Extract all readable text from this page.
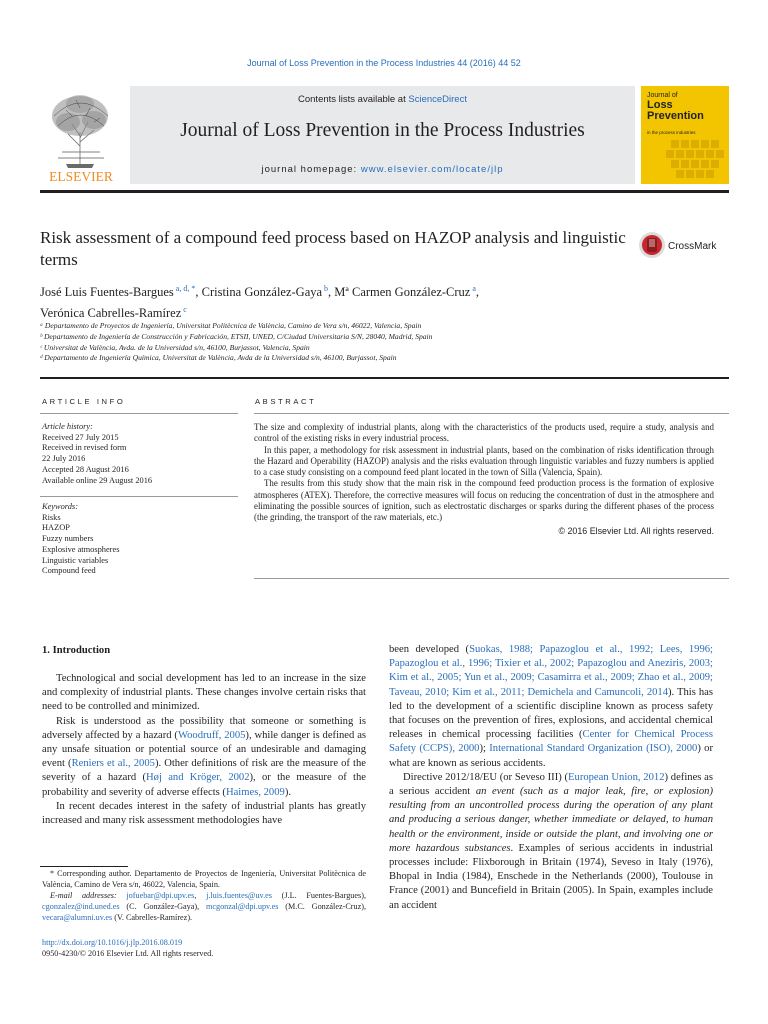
Journal of Loss Prevention in the Process Industries 44 (2016) 44 52
ELSEVIER
Contents lists available at ScienceDirect
Journal of Loss Prevention in the Process Industries
journal homepage: www.elsevier.com/locate/jlp
Journal of
Loss
Prevention
in the process industries
Risk assessment of a compound feed process based on HAZOP analysis and linguistic terms
CrossMark
José Luis Fuentes-Bargues $^{a, d, *}$, Cristina González-Gaya $^b$, Mª Carmen González-Cruz $^a$,
Verónica Cabrelles-Ramírez $^c$
ᵃ Departamento de Proyectos de Ingeniería, Universitat Politècnica de València, Camino de Vera s/n, 46022, Valencia, Spain
ᵇ Departamento de Ingeniería de Construcción y Fabricación, ETSII, UNED, C/Ciudad Universitaria S/N, 28040, Madrid, Spain
ᶜ Universitat de València, Avda. de la Universidad s/n, 46100, Burjassot, Valencia, Spain
ᵈ Departamento de Ingeniería Química, Universitat de València, Avda de la Universidad s/n, 46100, Burjassot, Spain
ARTICLE INFO
Article history:
Received 27 July 2015
Received in revised form
22 July 2016
Accepted 28 August 2016
Available online 29 August 2016
Keywords:
Risks
HAZOP
Fuzzy numbers
Explosive atmospheres
Linguistic variables
Compound feed
ABSTRACT

The size and complexity of industrial plants, along with the characteristics of the products used, require a study, analysis and control of the existing risks in every industrial process.

In this paper, a methodology for risk assessment in industrial plants, based on the combination of risks identification through the Hazard and Operability (HAZOP) analysis and the risks evaluation through linguistic variables and fuzzy numbers is applied to a case study consisting on a compound feed plant located in the town of Silla (Valencia, Spain).

The results from this study show that the main risk in the compound feed production process is the formation of explosive atmospheres (ATEX). Therefore, the corrective measures will focus on reducing the concentration of dust in the atmosphere and eliminating the possible sources of ignition, such as electrostatic discharges or sparks during the different phases of the process (the grinding, the transport of the raw materials, etc.)

© 2016 Elsevier Ltd. All rights reserved.
1. Introduction

Technological and social development has led to an increase in the size and complexity of industrial plants. These changes involve certain risks that need to be controlled and minimized.

Risk is understood as the possibility that someone or something is adversely affected by a hazard (Woodruff, 2005), while danger is defined as any unsafe situation or potential source of an undesirable and damaging event (Reniers et al., 2005). Other definitions of risk are the measure of the severity of a hazard (Høj and Kröger, 2002), or the measure of the probability and severity of adverse effects (Haimes, 2009).

In recent decades interest in the safety of industrial plants has greatly increased and many risk assessment methodologies have

* Corresponding author. Departamento de Proyectos de Ingeniería, Universitat Politècnica de València, Camino de Vera s/n, 46022, Valencia, Spain.
E-mail addresses: jofuebar@dpi.upv.es, j.luis.fuentes@uv.es (J.L. Fuentes-Bargues), cgonzalez@ind.uned.es (C. González-Gaya), mcgonzal@dpi.upv.es (M.C. González-Cruz), vecara@alumni.uv.es (V. Cabrelles-Ramírez).
http://dx.doi.org/10.1016/j.jlp.2016.08.019
0950-4230/© 2016 Elsevier Ltd. All rights reserved.

been developed (Suokas, 1988; Papazoglou et al., 1992; Lees, 1996; Papazoglou et al., 1996; Tixier et al., 2002; Papazoglou and Aneziris, 2003; Kim et al., 2005; Yun et al., 2009; Casamirra et al., 2009; Zhao et al., 2009; Taveau, 2010; Kim et al., 2011; Demichela and Camuncoli, 2014). This has led to the development of a scientific discipline known as process safety that focuses on the prevention of fires, explosions, and accidental chemical releases in chemical processing facilities (Center for Chemical Process Safety (CCPS), 2000); International Standard Organization (ISO), 2000) or what are known as serious accidents.

Directive 2012/18/EU (or Seveso III) (European Union, 2012) defines as a serious accident an event (such as a major leak, fire, or explosion) resulting from an uncontrolled process during the operation of any plant and producing a serious danger, whether immediate or delayed, to human health or the environment, inside or outside the plant, and involving one or more hazardous substances. Examples of serious accidents in industrial processes include: Flixborough in Britain (1974), Seveso in Italy (1976), Bhopal in India (1984), Enschede in the Netherlands (2000), Toulouse in France (2001) and Buncefield in Britain (2005). In Spain, examples include an accident
